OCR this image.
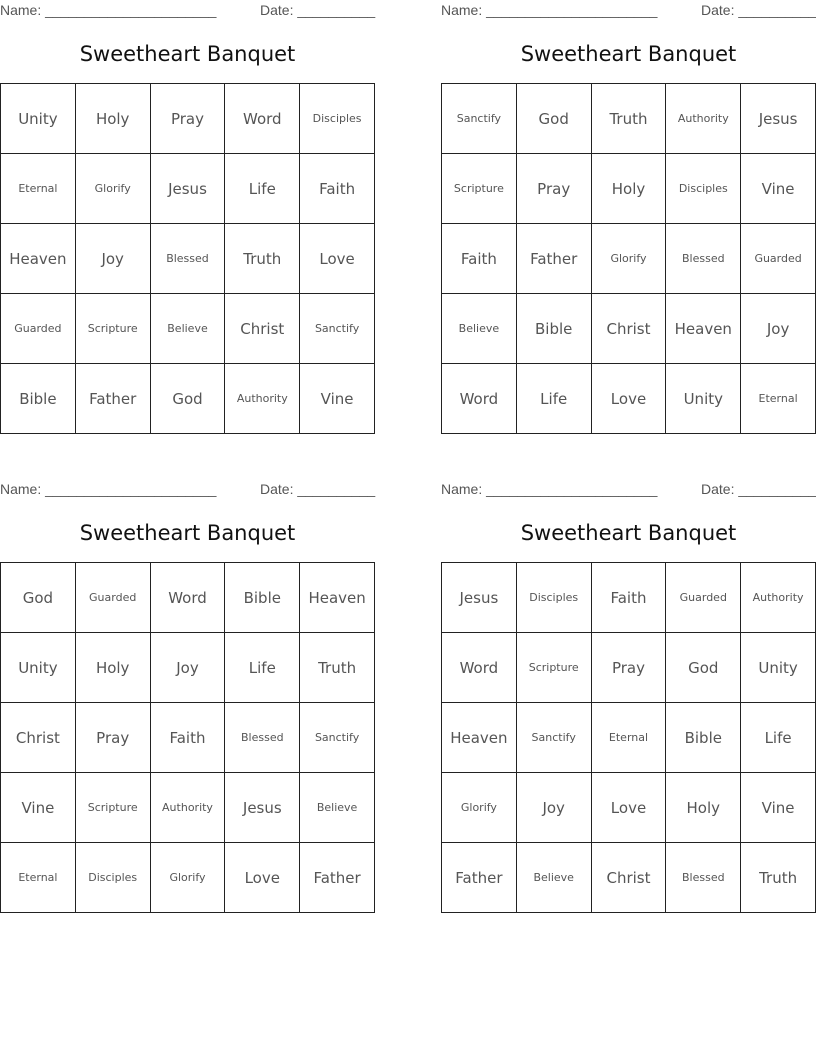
Name: ______________________	Date: __________
Sweetheart Banquet
Unity	Holy	Pray	Word	Disciples
Eternal	Glorify	Jesus	Life	Faith
Heaven	Joy	Blessed	Truth	Love
Guarded	Scripture	Believe	Christ	Sanctify
Bible	Father	God	Authority	Vine
Name: ______________________	Date: __________
Sweetheart Banquet
Sanctify	God	Truth	Authority	Jesus
Scripture	Pray	Holy	Disciples	Vine
Faith	Father	Glorify	Blessed	Guarded
Believe	Bible	Christ	Heaven	Joy
Word	Life	Love	Unity	Eternal
Name: ______________________	Date: __________
Sweetheart Banquet
God	Guarded	Word	Bible	Heaven
Unity	Holy	Joy	Life	Truth
Christ	Pray	Faith	Blessed	Sanctify
Vine	Scripture	Authority	Jesus	Believe
Eternal	Disciples	Glorify	Love	Father
Name: ______________________	Date: __________
Sweetheart Banquet
Jesus	Disciples	Faith	Guarded	Authority
Word	Scripture	Pray	God	Unity
Heaven	Sanctify	Eternal	Bible	Life
Glorify	Joy	Love	Holy	Vine
Father	Believe	Christ	Blessed	Truth
